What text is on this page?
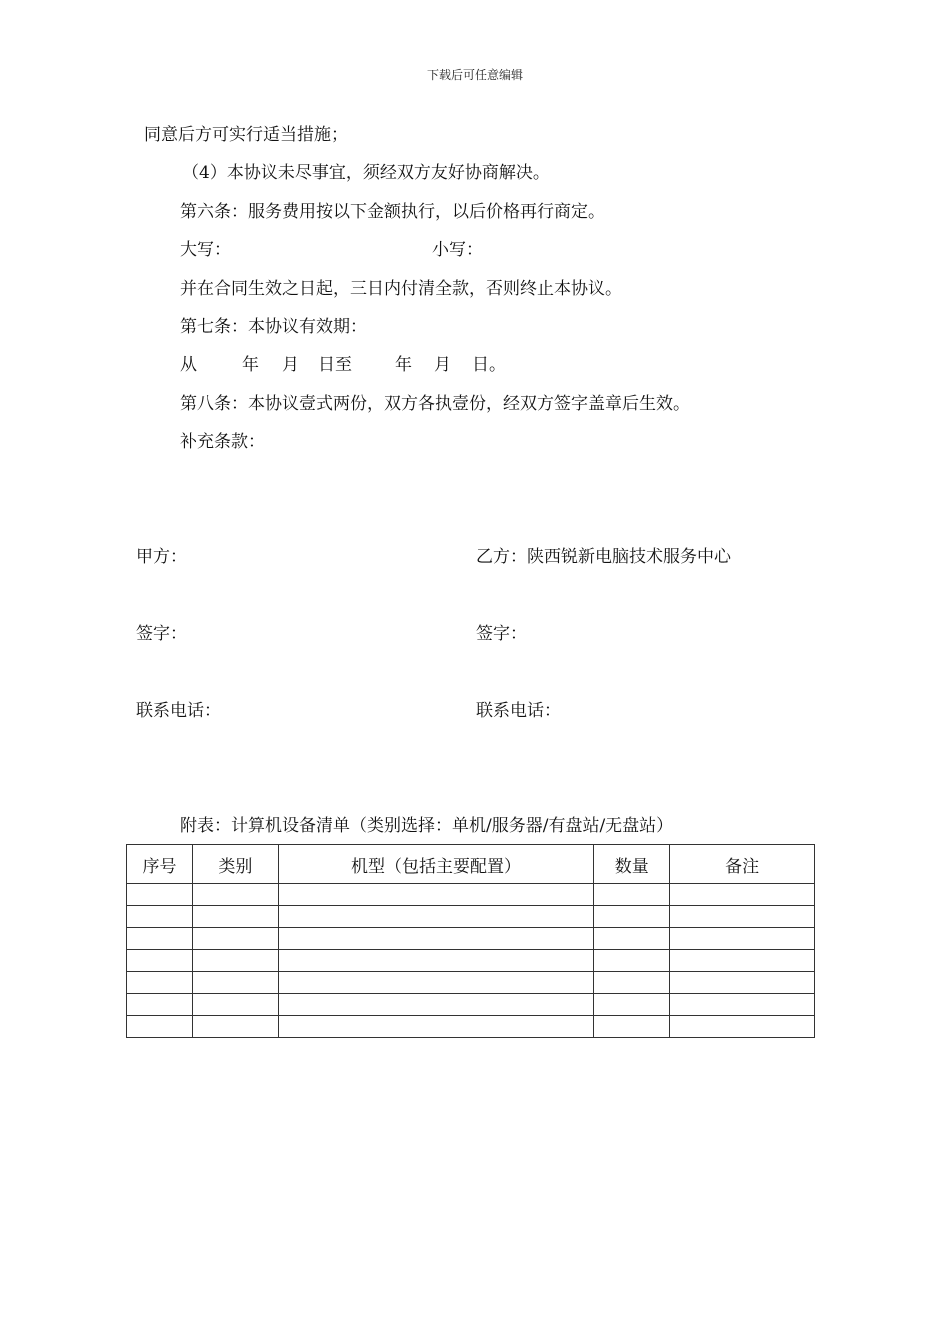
下载后可任意编辑
同意后方可实行适当措施；
（4）本协议未尽事宜，须经双方友好协商解决。
第六条：服务费用按以下金额执行，以后价格再行商定。
大写：	小写：
并在合同生效之日起，三日内付清全款，否则终止本协议。
第七条：本协议有效期：
从	年 月 日至	年 月 日。
第八条：本协议壹式两份，双方各执壹份，经双方签字盖章后生效。
补充条款：
甲方：	乙方：陕西锐新电脑技术服务中心
签字：	签字：
联系电话：	联系电话：
附表：计算机设备清单（类别选择：单机/服务器/有盘站/无盘站）
序号	类别	机型（包括主要配置）	数量	备注
